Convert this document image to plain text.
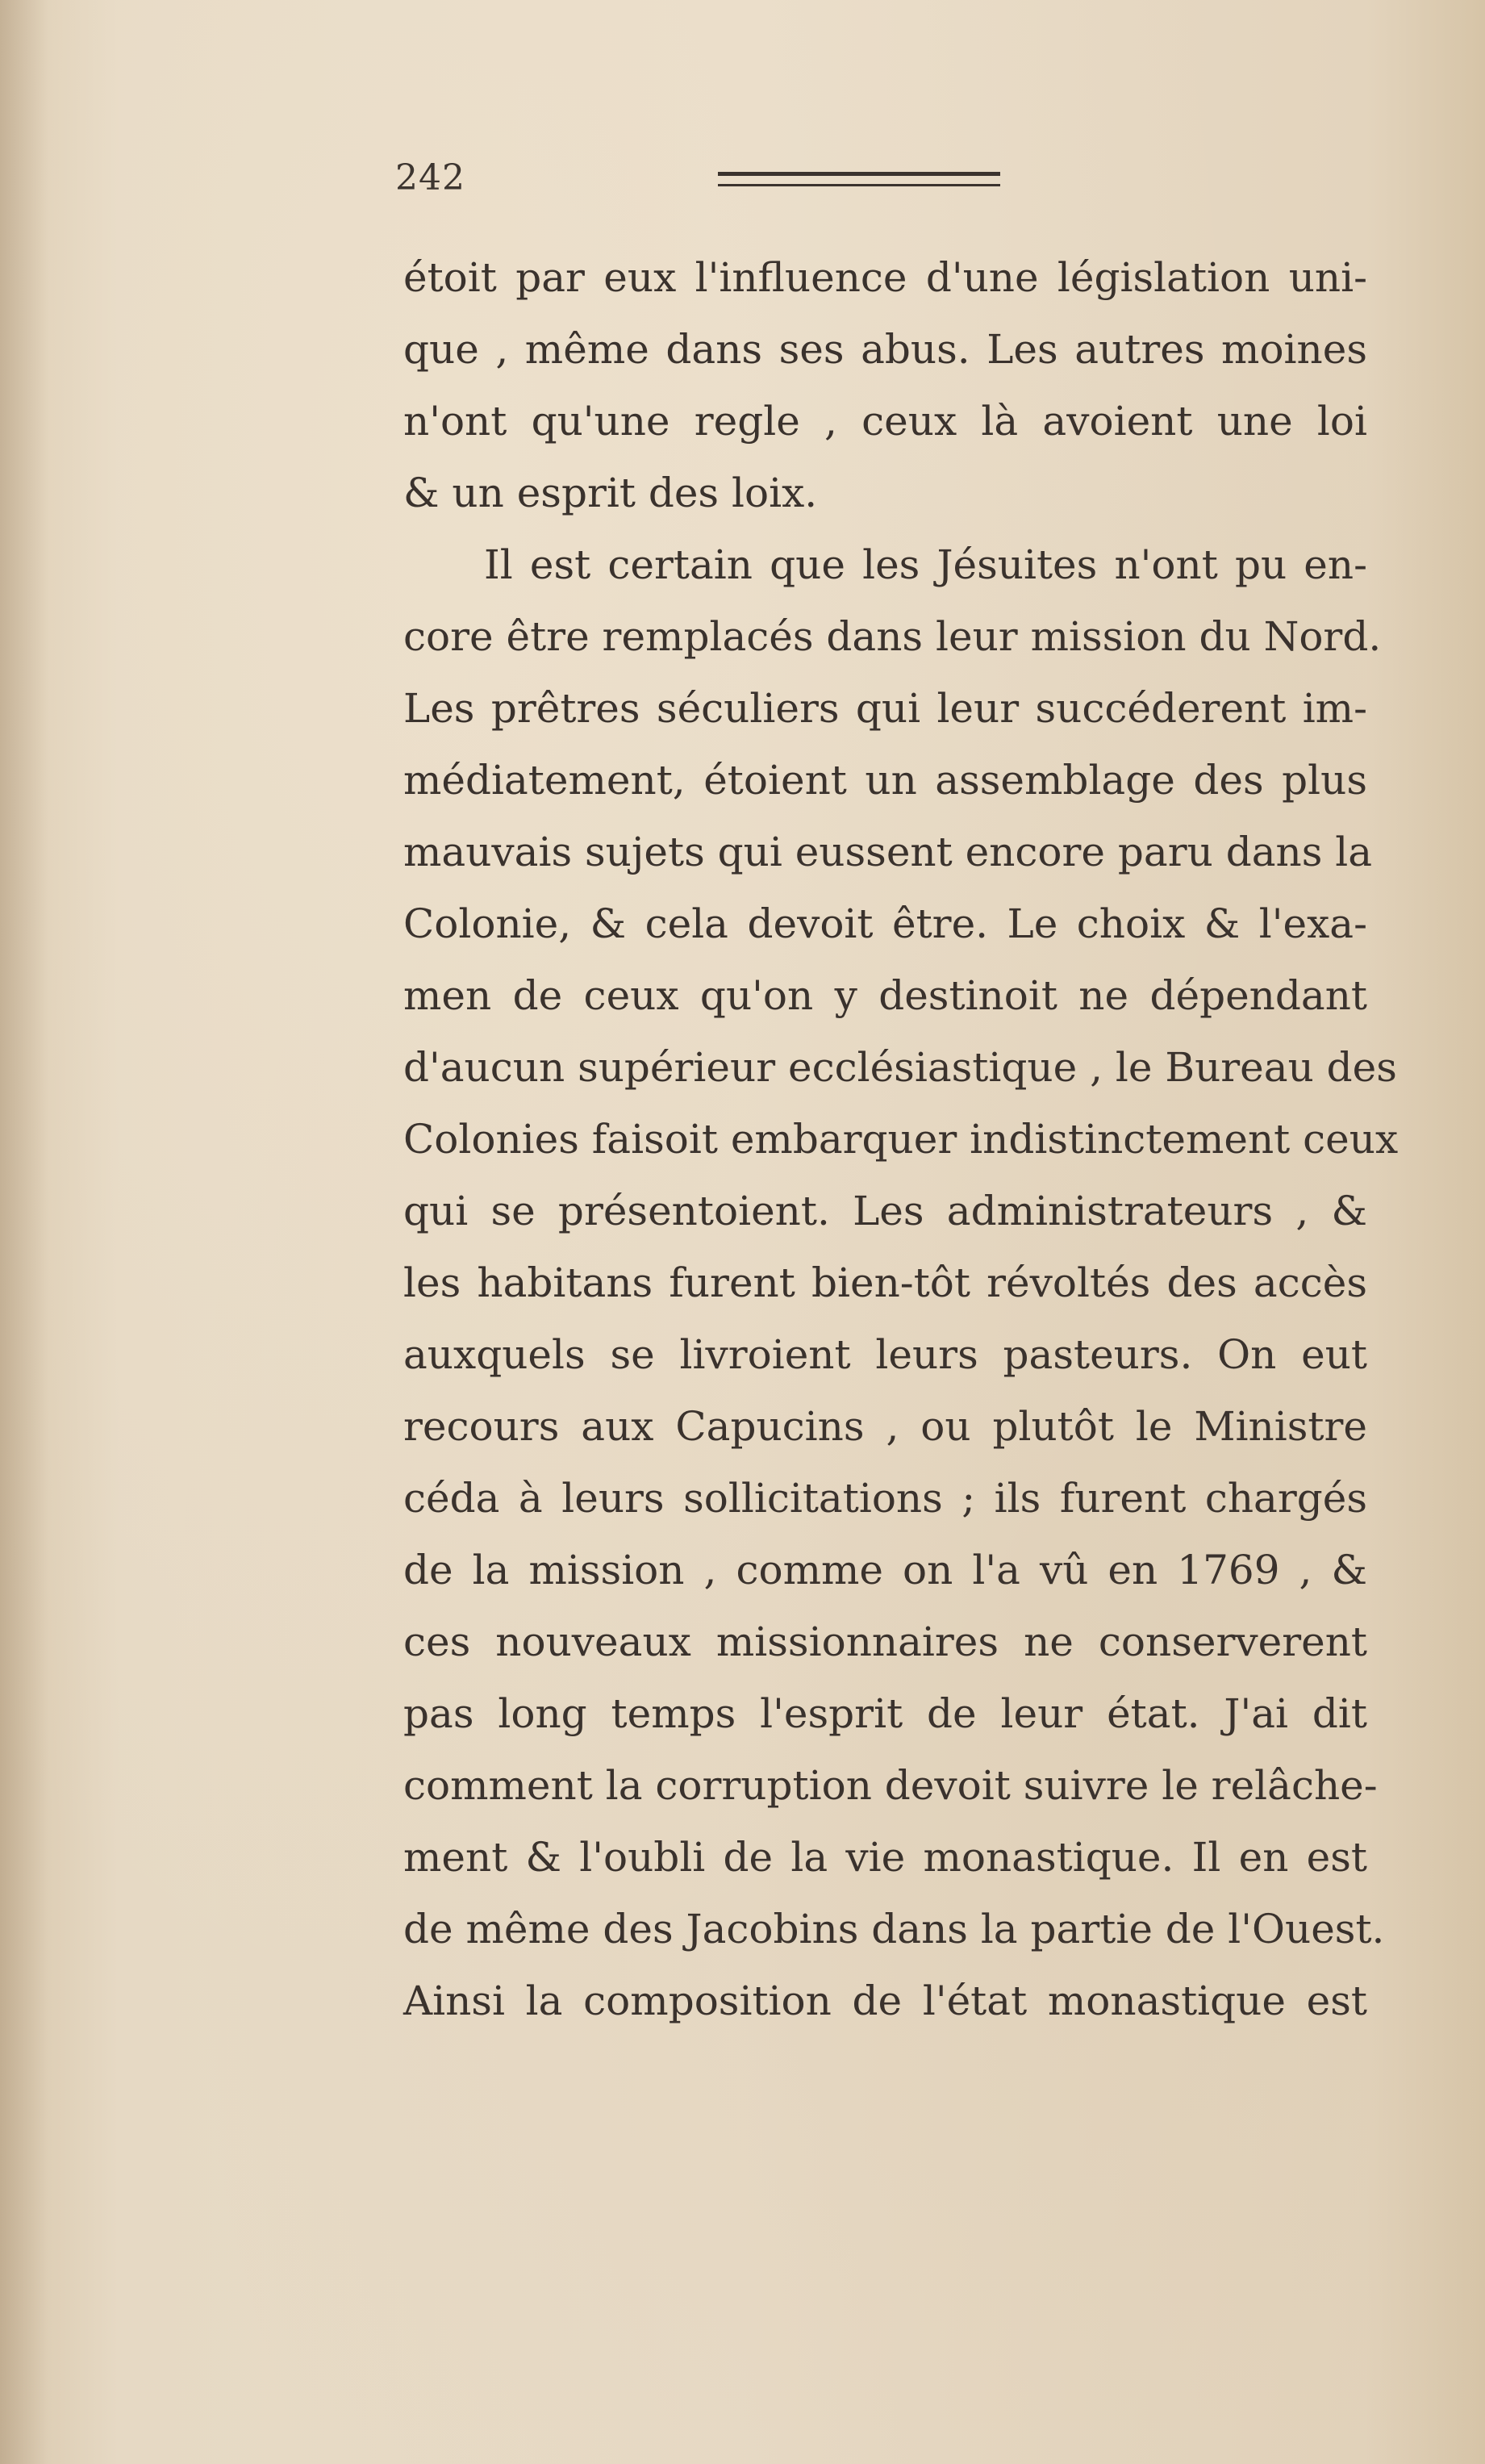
242
étoit par eux l'influence d'une législation uni-
que , même dans ses abus. Les autres moines
n'ont qu'une regle , ceux là avoient une loi
& un esprit des loix.
Il est certain que les Jésuites n'ont pu en-
core être remplacés dans leur mission du Nord.
Les prêtres séculiers qui leur succéderent im-
médiatement, étoient un assemblage des plus
mauvais sujets qui eussent encore paru dans la
Colonie, & cela devoit être. Le choix & l'exa-
men de ceux qu'on y destinoit ne dépendant
d'aucun supérieur ecclésiastique , le Bureau des
Colonies faisoit embarquer indistinctement ceux
qui se présentoient. Les administrateurs , &
les habitans furent bien-tôt révoltés des accès
auxquels se livroient leurs pasteurs. On eut
recours aux Capucins , ou plutôt le Ministre
céda à leurs sollicitations ; ils furent chargés
de la mission , comme on l'a vû en 1769 , &
ces nouveaux missionnaires ne conserverent
pas long temps l'esprit de leur état. J'ai dit
comment la corruption devoit suivre le relâche-
ment & l'oubli de la vie monastique. Il en est
de même des Jacobins dans la partie de l'Ouest.
Ainsi la composition de l'état monastique est
